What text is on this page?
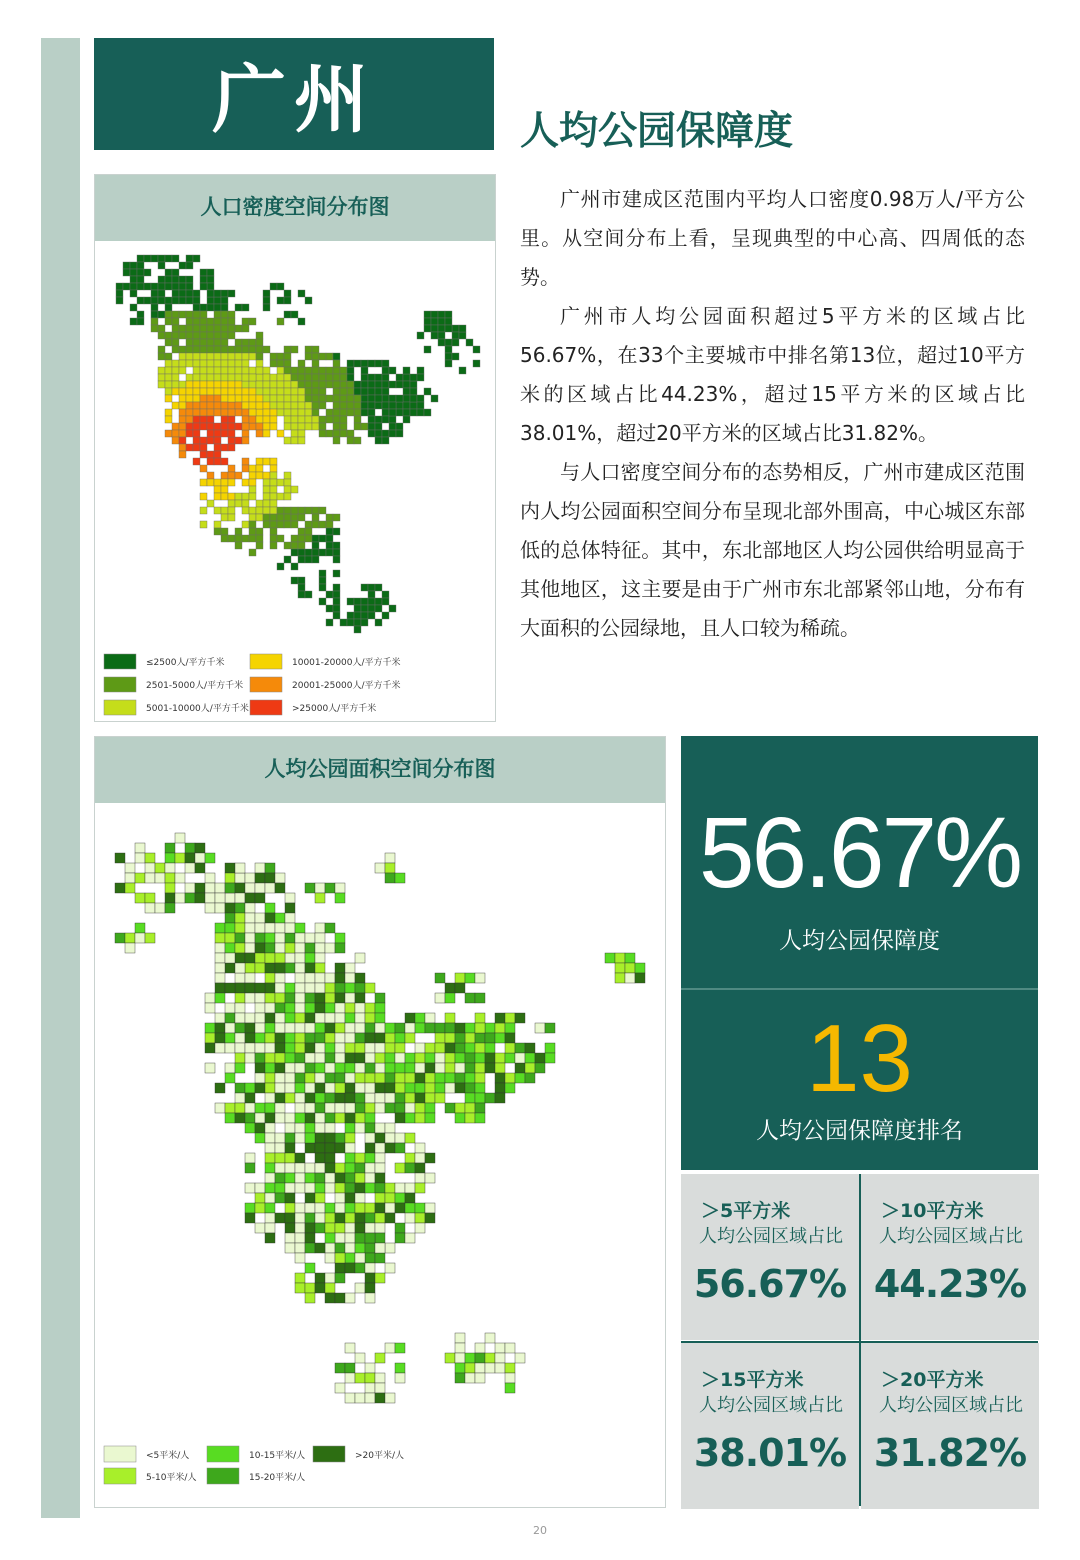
广州	人均公园保障度
人口密度空间分布图
≤2500人/平方千米
2501-5000人/平方千米
5001-10000人/平方千米
10001-20000人/平方千米
20001-25000人/平方千米
>25000人/平方千米

广州市建成区范围内平均人口密度0.98万人/平方公里。从空间分布上看，呈现典型的中心高、四周低的态势。

广州市人均公园面积超过5平方米的区域占比56.67%，在33个主要城市中排名第13位，超过10平方米的区域占比44.23%，超过15平方米的区域占比38.01%，超过20平方米的区域占比31.82%。

与人口密度空间分布的态势相反，广州市建成区范围内人均公园面积空间分布呈现北部外围高，中心城区东部低的总体特征。其中，东北部地区人均公园供给明显高于其他地区，这主要是由于广州市东北部紧邻山地，分布有大面积的公园绿地，且人口较为稀疏。

人均公园面积空间分布图
<5平米/人
5-10平米/人
10-15平米/人
15-20平米/人
>20平米/人
56.67%
人均公园保障度
13
人均公园保障度排名
＞5平方米
人均公园区域占比
56.67%
＞10平方米
人均公园区域占比
44.23%
＞15平方米
人均公园区域占比
38.01%
＞20平方米
人均公园区域占比
31.82%
20
